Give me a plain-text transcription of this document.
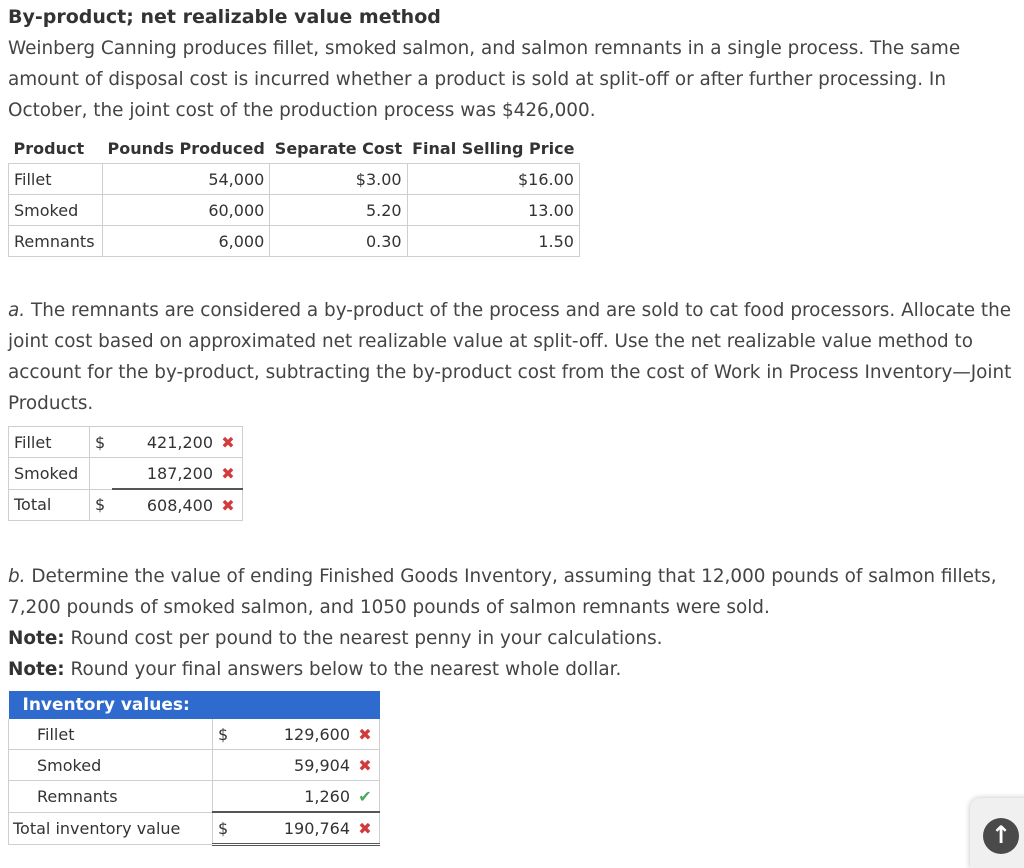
By-product; net realizable value method

Weinberg Canning produces fillet, smoked salmon, and salmon remnants in a single process. The same amount of disposal cost is incurred whether a product is sold at split-off or after further processing. In October, the joint cost of the production process was $426,000.

Product	Pounds Produced	Separate Cost	Final Selling Price
Fillet	54,000	$3.00	$16.00
Smoked	60,000	5.20	13.00
Remnants	6,000	0.30	1.50

a. The remnants are considered a by-product of the process and are sold to cat food processors. Allocate the joint cost based on approximated net realizable value at split-off. Use the net realizable value method to account for the by-product, subtracting the by-product cost from the cost of Work in Process Inventory—Joint Products.

Fillet	$	421,200 ✖
Smoked		187,200 ✖
Total	$	608,400 ✖

b. Determine the value of ending Finished Goods Inventory, assuming that 12,000 pounds of salmon fillets, 7,200 pounds of smoked salmon, and 1050 pounds of salmon remnants were sold.

Note: Round cost per pound to the nearest penny in your calculations.

Note: Round your final answers below to the nearest whole dollar.

Inventory values:		
Fillet	$	129,600 ✖
Smoked		59,904 ✖
Remnants		1,260 ✔
Total inventory value	$	190,764 ✖	↑
